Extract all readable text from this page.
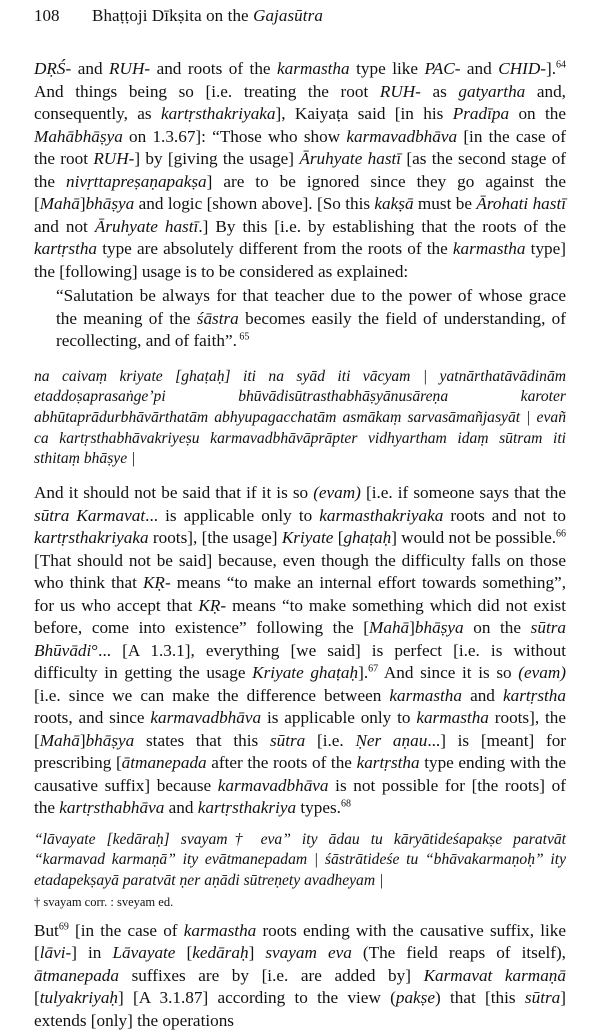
108 Bhaṭṭoji Dīkṣita on the Gajasūtra

DṚŚ- and RUH- and roots of the karmastha type like PAC- and CHID-].$^{64}$ And things being so [i.e. treating the root RUH- as gatyartha and, consequently, as kartṛsthakriyaka], Kaiyaṭa said [in his Pradīpa on the Mahābhāṣya on 1.3.67]: “Those who show karmavadbhāva [in the case of the root RUH-] by [giving the usage] Āruhyate hastī [as the second stage of the nivṛttapreṣaṇapakṣa] are to be ignored since they go against the [Mahā]bhāṣya and logic [shown above]. [So this kakṣā must be Ārohati hastī and not Āruhyate hastī.] By this [i.e. by establishing that the roots of the kartṛstha type are absolutely different from the roots of the karmastha type] the [following] usage is to be considered as explained:

“Salutation be always for that teacher due to the power of whose grace the meaning of the śāstra becomes easily the field of understanding, of recollecting, and of faith”. $^{65}$

na caivaṃ kriyate [ghaṭaḥ] iti na syād iti vācyam | yatnārthatāvādinām etaddoṣaprasaṅge’pi bhūvādisūtrasthabhāṣyānusāreṇa karoter abhūtaprādurbhāvārthatām abhyupagacchatām asmākaṃ sarvasāmañjasyāt | evañ ca kartṛsthabhāvakriyeṣu karmavadbhāvāprāpter vidhyartham idaṃ sūtram iti sthitaṃ bhāṣye |

And it should not be said that if it is so (evam) [i.e. if someone says that the sūtra Karmavat... is applicable only to karmasthakriyaka roots and not to kartṛsthakriyaka roots], [the usage] Kriyate [ghaṭaḥ] would not be possible.$^{66}$ [That should not be said] because, even though the difficulty falls on those who think that KṚ- means “to make an internal effort towards something”, for us who accept that KṚ- means “to make something which did not exist before, come into existence” following the [Mahā]bhāṣya on the sūtra Bhūvādi°... [A 1.3.1], everything [we said] is perfect [i.e. is without difficulty in getting the usage Kriyate ghaṭaḥ].$^{67}$ And since it is so (evam) [i.e. since we can make the difference between karmastha and kartṛstha roots, and since karmavadbhāva is applicable only to karmastha roots], the [Mahā]bhāṣya states that this sūtra [i.e. Ṇer aṇau...] is [meant] for prescribing [ātmanepada after the roots of the kartṛstha type ending with the causative suffix] because karmavadbhāva is not possible for [the roots] of the kartṛsthabhāva and kartṛsthakriya types.$^{68}$

“lāvayate [kedāraḥ] svayam† eva” ity ādau tu kāryātideśapakṣe paratvāt “karmavad karmaṇā” ity evātmanepadam | śāstrātideśe tu “bhāvakarmaṇoḥ” ity etadapekṣayā paratvāt ṇer aṇādi sūtreṇety avadheyam |

† svayam corr. : sveyam ed.

But$^{69}$ [in the case of karmastha roots ending with the causative suffix, like [lāvi-] in Lāvayate [kedāraḥ] svayam eva (The field reaps of itself), ātmanepada suffixes are by [i.e. are added by] Karmavat karmaṇā [tulyakriyaḥ] [A 3.1.87] according to the view (pakṣe) that [this sūtra] extends [only] the operations
